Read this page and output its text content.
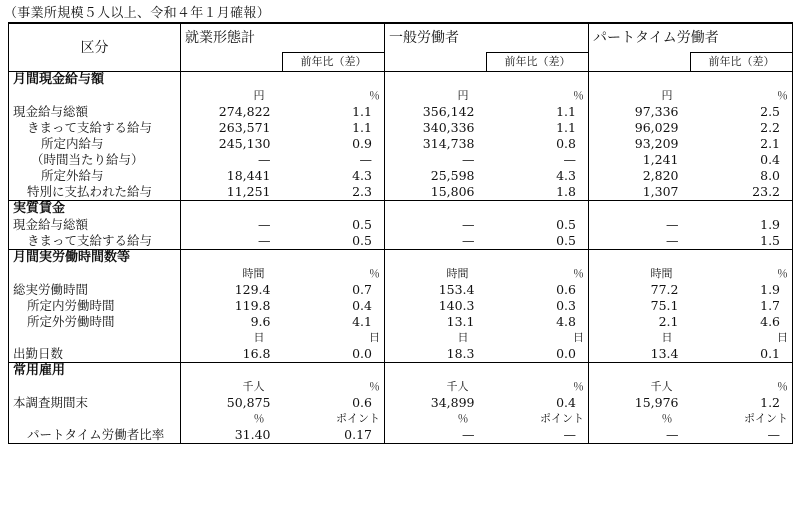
（事業所規模５人以上、令和４年１月確報）
区分	就業形態計		一般労働者		パートタイム労働者	
		前年比（差）		前年比（差）		前年比（差）
月間現金給与額						
	円	％	円	％	円	％
現金給与総額	274,822	1.1	356,142	1.1	97,336	2.5
きまって支給する給与	263,571	1.1	340,336	1.1	96,029	2.2
所定内給与	245,130	0.9	314,738	0.8	93,209	2.1
（時間当たり給与）	—	—	—	—	1,241	0.4
所定外給与	18,441	4.3	25,598	4.3	2,820	8.0
特別に支払われた給与	11,251	2.3	15,806	1.8	1,307	23.2
実質賃金						
現金給与総額	—	0.5	—	0.5	—	1.9
きまって支給する給与	—	0.5	—	0.5	—	1.5
月間実労働時間数等						
	時間	％	時間	％	時間	％
総実労働時間	129.4	0.7	153.4	0.6	77.2	1.9
所定内労働時間	119.8	0.4	140.3	0.3	75.1	1.7
所定外労働時間	9.6	4.1	13.1	4.8	2.1	4.6
	日	日	日	日	日	日
出勤日数	16.8	0.0	18.3	0.0	13.4	0.1
常用雇用						
	千人	％	千人	％	千人	％
本調査期間末	50,875	0.6	34,899	0.4	15,976	1.2
	％	ポイント	％	ポイント	％	ポイント
パートタイム労働者比率	31.40	0.17	—	—	—	—
